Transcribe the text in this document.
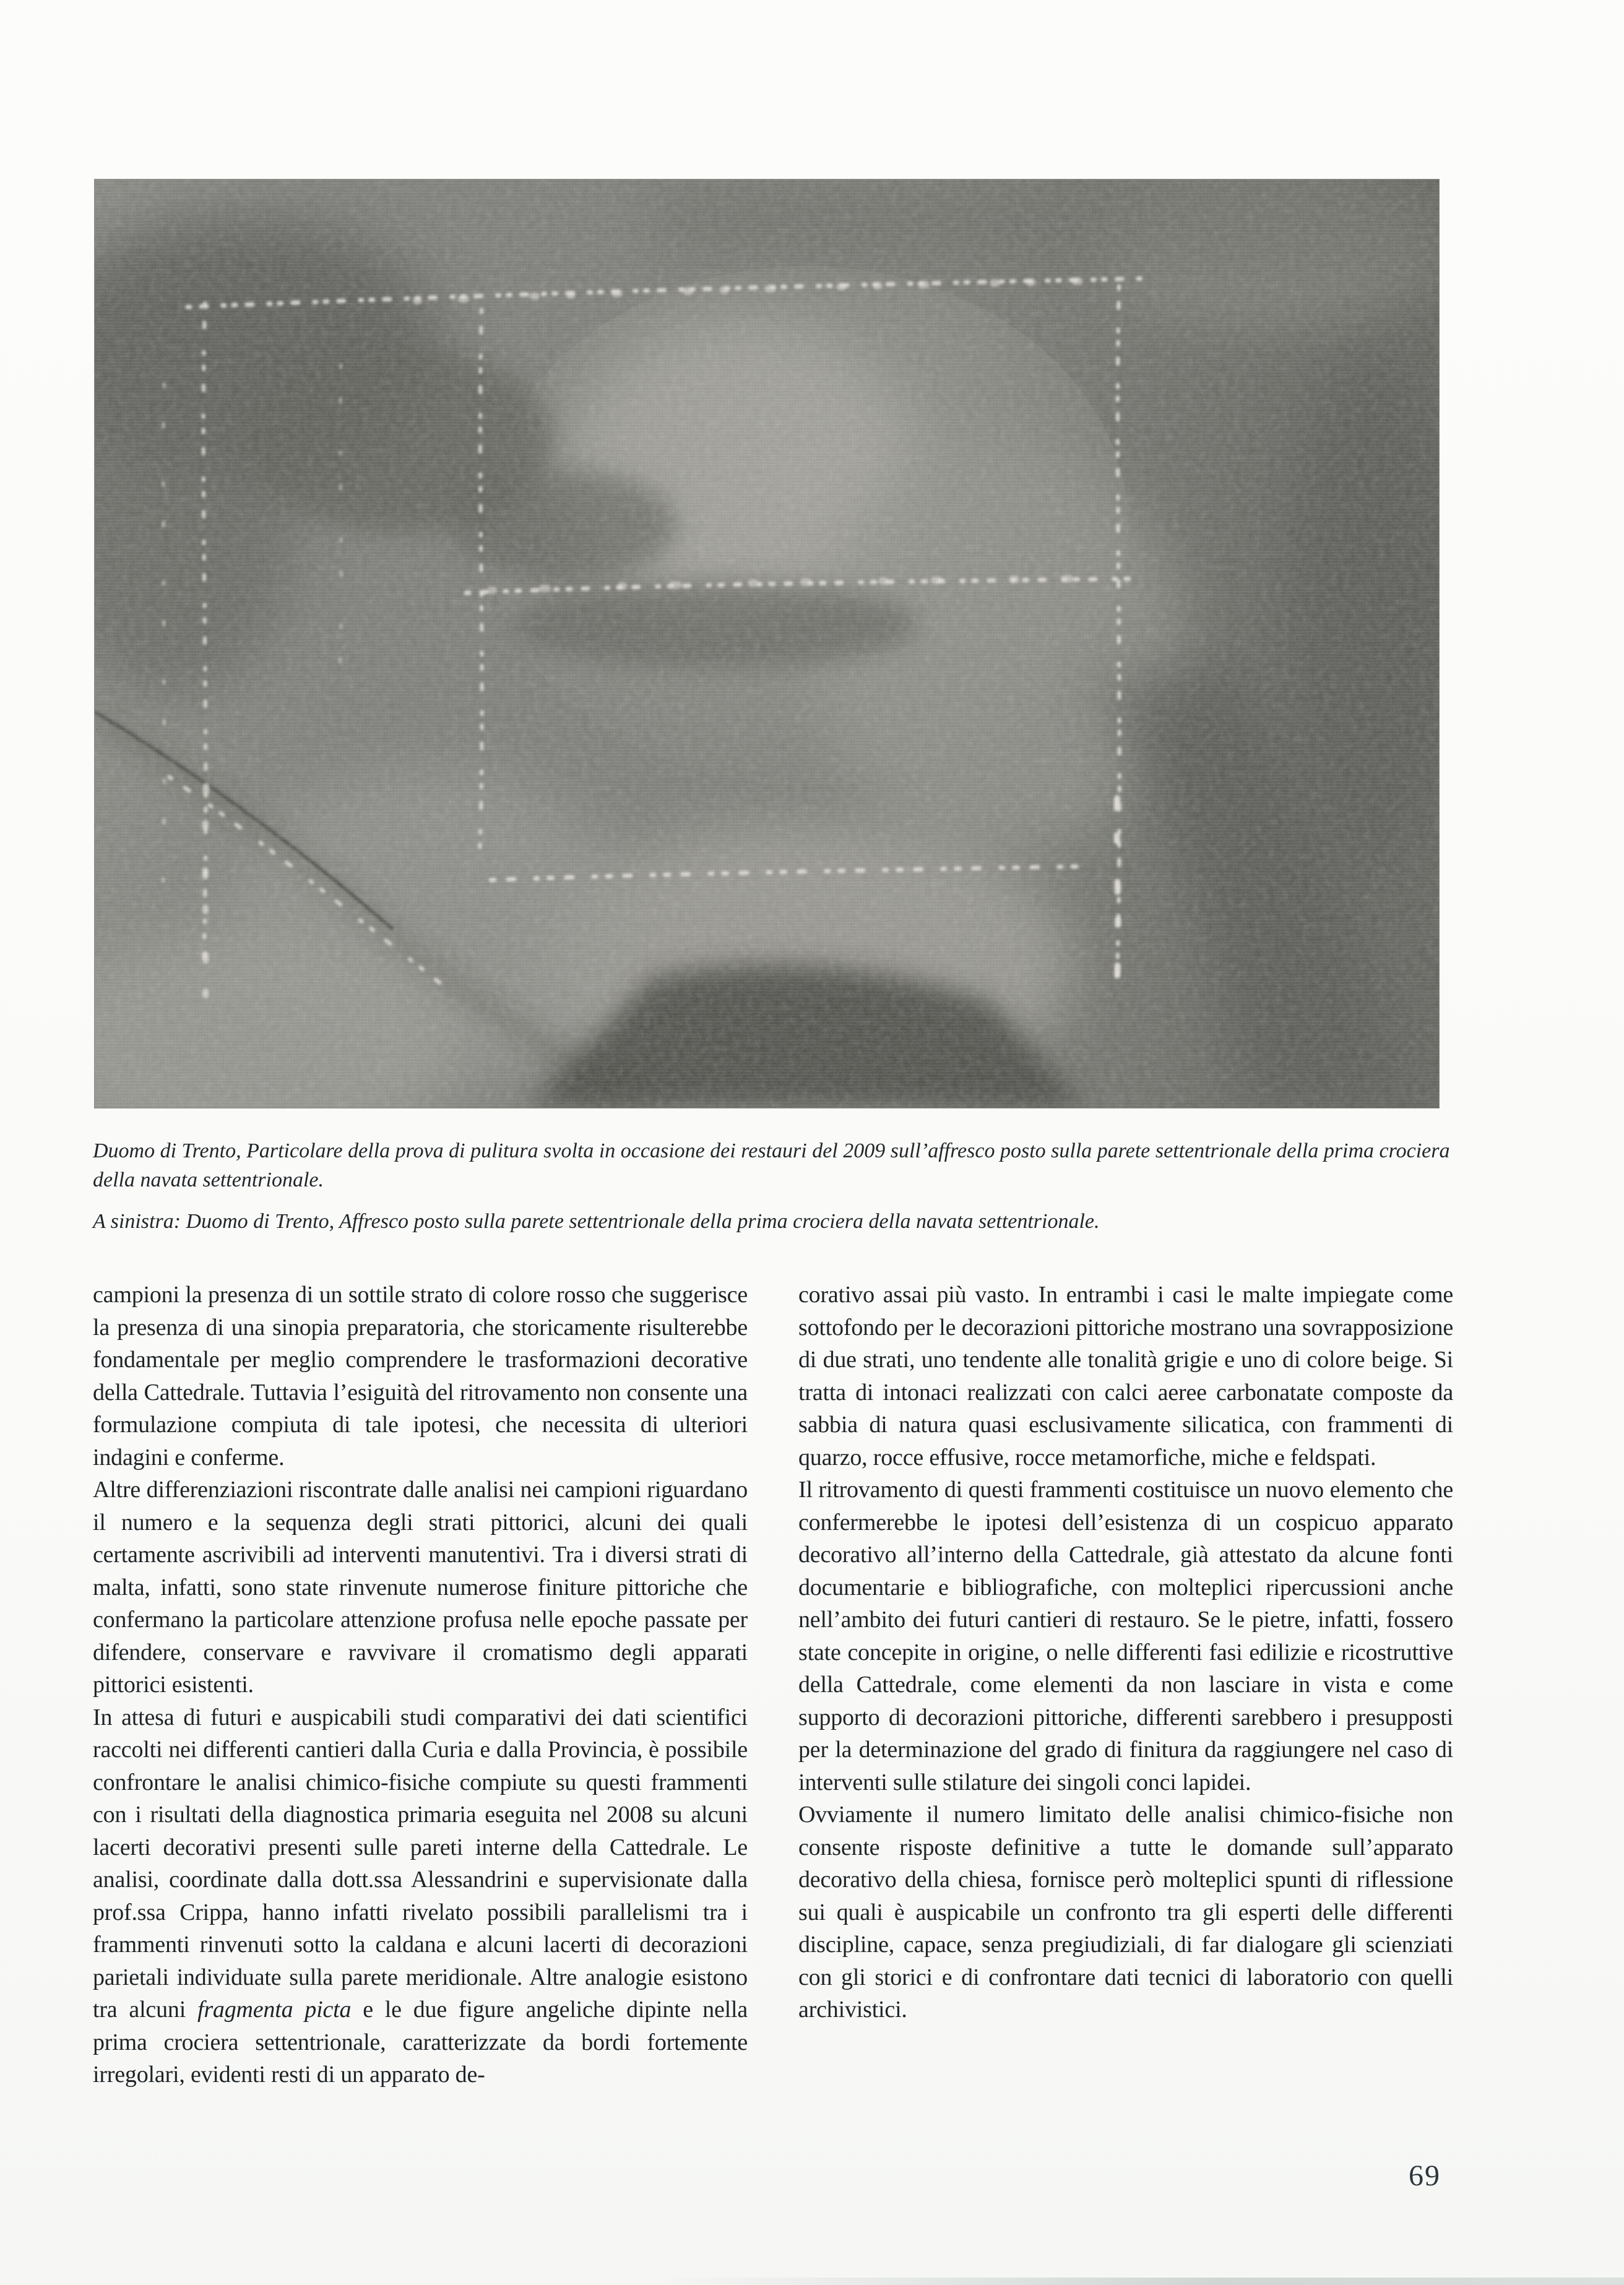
Duomo di Trento, Particolare della prova di pulitura svolta in occasione dei restauri del 2009 sull’affresco posto sulla parete settentrionale della prima crociera della navata settentrionale.

A sinistra: Duomo di Trento, Affresco posto sulla parete settentrionale della prima crociera della navata settentrionale.

campioni la presenza di un sottile strato di colore rosso che suggerisce la presenza di una sinopia preparatoria, che storicamente risulterebbe fondamentale per meglio comprendere le trasformazioni decorative della Cattedrale. Tuttavia l’esiguità del ritrovamento non consente una formulazione compiuta di tale ipotesi, che necessita di ulteriori indagini e conferme.

Altre differenziazioni riscontrate dalle analisi nei campioni riguardano il numero e la sequenza degli strati pittorici, alcuni dei quali certamente ascrivibili ad interventi manutentivi. Tra i diversi strati di malta, infatti, sono state rinvenute numerose finiture pittoriche che confermano la particolare attenzione profusa nelle epoche passate per difendere, conservare e ravvivare il cromatismo degli apparati pittorici esistenti.

In attesa di futuri e auspicabili studi comparativi dei dati scientifici raccolti nei differenti cantieri dalla Curia e dalla Provincia, è possibile confrontare le analisi chimico-fisiche compiute su questi frammenti con i risultati della diagnostica primaria eseguita nel 2008 su alcuni lacerti decorativi presenti sulle pareti interne della Cattedrale. Le analisi, coordinate dalla dott.ssa Alessandrini e supervisionate dalla prof.ssa Crippa, hanno infatti rivelato possibili parallelismi tra i frammenti rinvenuti sotto la caldana e alcuni lacerti di decorazioni parietali individuate sulla parete meridionale. Altre analogie esistono tra alcuni fragmenta picta e le due figure angeliche dipinte nella prima crociera settentrionale, caratterizzate da bordi fortemente irregolari, evidenti resti di un apparato de-

corativo assai più vasto. In entrambi i casi le malte impiegate come sottofondo per le decorazioni pittoriche mostrano una sovrapposizione di due strati, uno tendente alle tonalità grigie e uno di colore beige. Si tratta di intonaci realizzati con calci aeree carbonatate composte da sabbia di natura quasi esclusivamente silicatica, con frammenti di quarzo, rocce effusive, rocce metamorfiche, miche e feldspati.

Il ritrovamento di questi frammenti costituisce un nuovo elemento che confermerebbe le ipotesi dell’esistenza di un cospicuo apparato decorativo all’interno della Cattedrale, già attestato da alcune fonti documentarie e bibliografiche, con molteplici ripercussioni anche nell’ambito dei futuri cantieri di restauro. Se le pietre, infatti, fossero state concepite in origine, o nelle differenti fasi edilizie e ricostruttive della Cattedrale, come elementi da non lasciare in vista e come supporto di decorazioni pittoriche, differenti sarebbero i presupposti per la determinazione del grado di finitura da raggiungere nel caso di interventi sulle stilature dei singoli conci lapidei.

Ovviamente il numero limitato delle analisi chimico-fisiche non consente risposte definitive a tutte le domande sull’apparato decorativo della chiesa, fornisce però molteplici spunti di riflessione sui quali è auspicabile un confronto tra gli esperti delle differenti discipline, capace, senza pregiudiziali, di far dialogare gli scienziati con gli storici e di confrontare dati tecnici di laboratorio con quelli archivistici.

69
